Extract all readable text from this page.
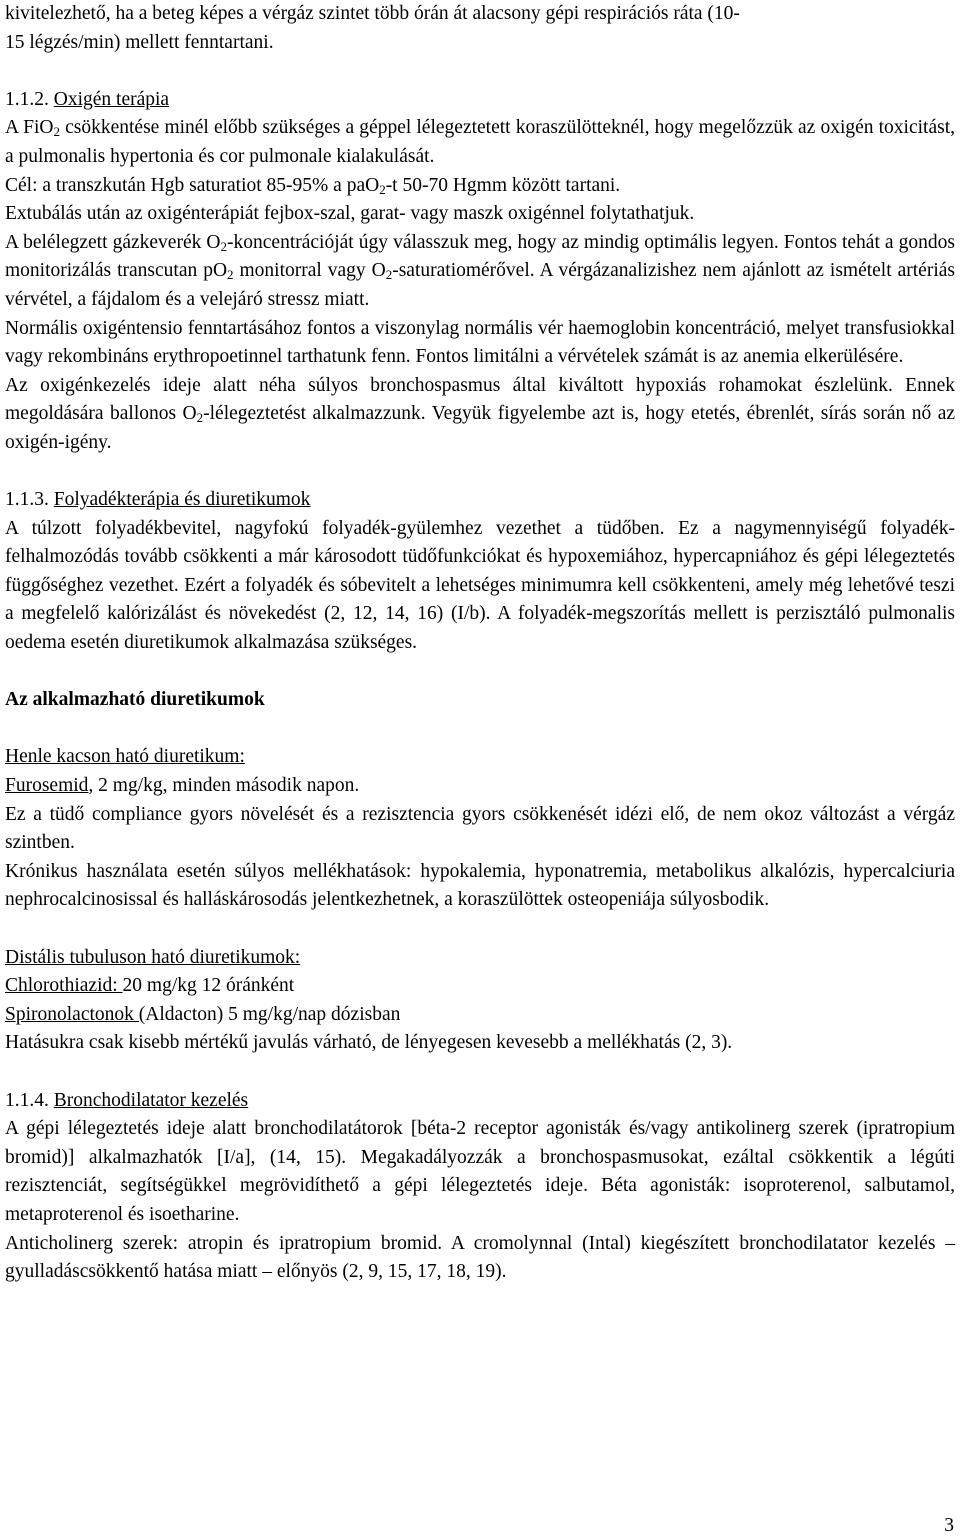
kivitelezhető, ha a beteg képes a vérgáz szintet több órán át alacsony gépi respirációs ráta (10-
15 légzés/min) mellett fenntartani.

1.1.2. Oxigén terápia

A FiO$_2$ csökkentése minél előbb szükséges a géppel lélegeztetett koraszülötteknél, hogy megelőzzük az oxigén toxicitást, a pulmonalis hypertonia és cor pulmonale kialakulását.

Cél: a transzkután Hgb saturatiot 85-95% a paO$_2$-t 50-70 Hgmm között tartani.

Extubálás után az oxigénterápiát fejbox-szal, garat- vagy maszk oxigénnel folytathatjuk.

A belélegzett gázkeverék $O_2$-koncentrációját úgy válasszuk meg, hogy az mindig optimális legyen. Fontos tehát a gondos monitorizálás transcutan $pO_2$ monitorral vagy $O_2$-saturatiomérővel. A vérgázanalizishez nem ajánlott az ismételt artériás vérvétel, a fájdalom és a velejáró stressz miatt.

Normális oxigéntensio fenntartásához fontos a viszonylag normális vér haemoglobin koncentráció, melyet transfusiokkal vagy rekombináns erythropoetinnel tarthatunk fenn. Fontos limitálni a vérvételek számát is az anemia elkerülésére.

Az oxigénkezelés ideje alatt néha súlyos bronchospasmus által kiváltott hypoxiás rohamokat észlelünk. Ennek megoldására ballonos $O_2$-lélegeztetést alkalmazzunk. Vegyük figyelembe azt is, hogy etetés, ébrenlét, sírás során nő az oxigén-igény.

1.1.3. Folyadékterápia és diuretikumok

A túlzott folyadékbevitel, nagyfokú folyadék-gyülemhez vezethet a tüdőben. Ez a nagymennyiségű folyadék-felhalmozódás tovább csökkenti a már károsodott tüdőfunkciókat és hypoxemiához, hypercapniához és gépi lélegeztetés függőséghez vezethet. Ezért a folyadék és sóbevitelt a lehetséges minimumra kell csökkenteni, amely még lehetővé teszi a megfelelő kalórizálást és növekedést (2, 12, 14, 16) (I/b). A folyadék-megszorítás mellett is perzisztáló pulmonalis oedema esetén diuretikumok alkalmazása szükséges.

Az alkalmazható diuretikumok

Henle kacson ható diuretikum:

Furosemid, 2 mg/kg, minden második napon.

Ez a tüdő compliance gyors növelését és a rezisztencia gyors csökkenését idézi elő, de nem okoz változást a vérgáz szintben.

Krónikus használata esetén súlyos mellékhatások: hypokalemia, hyponatremia, metabolikus alkalózis, hypercalciuria nephrocalcinosissal és halláskárosodás jelentkezhetnek, a koraszülöttek osteopeniája súlyosbodik.

Distális tubuluson ható diuretikumok:

Chlorothiazid: 20 mg/kg 12 óránként

Spironolactonok (Aldacton) 5 mg/kg/nap dózisban

Hatásukra csak kisebb mértékű javulás várható, de lényegesen kevesebb a mellékhatás (2, 3).

1.1.4. Bronchodilatator kezelés

A gépi lélegeztetés ideje alatt bronchodilatátorok [béta-2 receptor agonisták és/vagy antikolinerg szerek (ipratropium bromid)] alkalmazhatók [I/a], (14, 15). Megakadályozzák a bronchospasmusokat, ezáltal csökkentik a légúti rezisztenciát, segítségükkel megrövidíthető a gépi lélegeztetés ideje. Béta agonisták: isoproterenol, salbutamol, metaproterenol és isoetharine.

Anticholinerg szerek: atropin és ipratropium bromid. A cromolynnal (Intal) kiegészített bronchodilatator kezelés – gyulladáscsökkentő hatása miatt – előnyös (2, 9, 15, 17, 18, 19).

3
